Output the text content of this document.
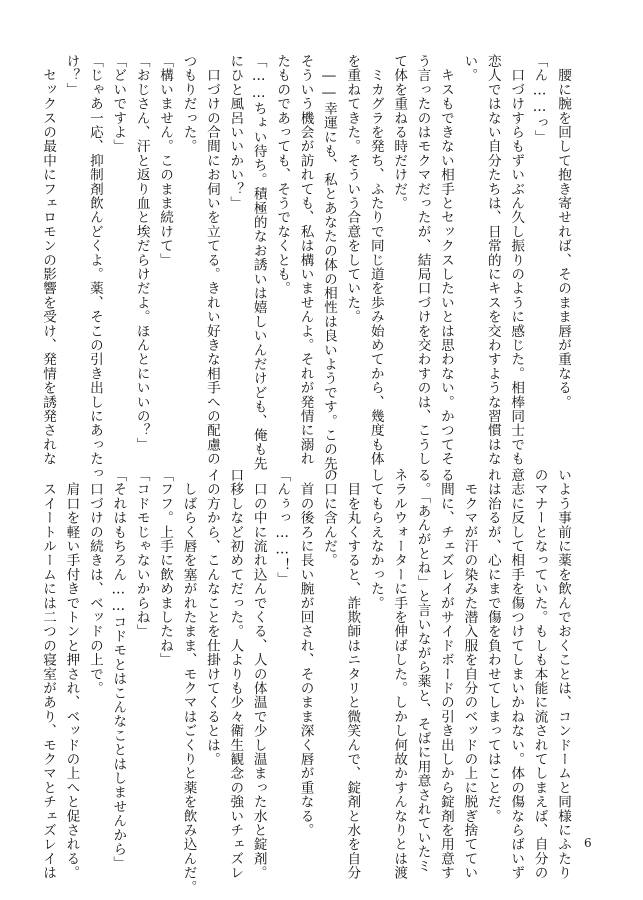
　腰に腕を回して抱き寄せれば、そのまま唇が重なる。
「ん……っ」
　口づけすらもずいぶん久し振りのように感じた。相棒同士でも
恋人ではない自分たちは、日常的にキスを交わすような習慣はな
い。
　キスもできない相手とセックスしたいとは思わない。かつてそ
う言ったのはモクマだったが、結局口づけを交わすのは、こうし
て体を重ねる時だけだ。
　ミカグラを発ち、ふたりで同じ道を歩み始めてから、幾度も体
を重ねてきた。そういう合意をしていた。
　――幸運にも、私とあなたの体の相性は良いようです。この先、
そういう機会が訪れても、私は構いませんよ。それが発情に溺れ
たものであっても、そうでなくとも。
「……ちょい待ち。積極的なお誘いは嬉しいんだけども、俺も先
にひと風呂いいかい？」
　口づけの合間にお伺いを立てる。きれい好きな相手への配慮の
つもりだった。
「構いません。このまま続けて」
「おじさん、汗と返り血と埃だらけだよ。ほんとにいいの？」
「どいですよ」
「じゃあ一応、抑制剤飲んどくよ。薬、そこの引き出しにあったっ
け？」
　セックスの最中にフェロモンの影響を受け、発情を誘発されな
いよう事前に薬を飲んでおくことは、コンドームと同様にふたり
のマナーとなっていた。もしも本能に流されてしまえば、自分の
意志に反して相手を傷つけてしまいかねない。体の傷ならばいず
れは治るが、心にまで傷を負わせてしまってはことだ。
　モクマが汗の染みた潜入服を自分のベッドの上に脱ぎ捨ててい
る間に、チェズレイがサイドボードの引き出しから錠剤を用意す
る。「あんがとね」と言いながら薬と、そばに用意されていたミ
ネラルウォーターに手を伸ばした。しかし何故かすんなりとは渡
してもらえなかった。
　目を丸くすると、詐欺師はニタリと微笑んで、錠剤と水を自分
の口に含んだ。
　首の後ろに長い腕が回され、そのまま深く唇が重なる。
「んぅっ……！」
　口の中に流れ込んでくる、人の体温で少し温まった水と錠剤。
口移しなど初めてだった。人よりも少々衛生観念の強いチェズレ
イの方から、こんなことを仕掛けてくるとは。
　しばらく唇を塞がれたまま、モクマはごくりと薬を飲み込んだ。
「フフ。上手に飲めましたね」
「コドモじゃないからね」
「それはもちろん……コドモとはこんなことはしませんから」
　口づけの続きは、ベッドの上で。
　肩口を軽い手付きでトンと押され、ベッドの上へと促される。
　スイートルームには二つの寝室があり、モクマとチェズレイは	6
